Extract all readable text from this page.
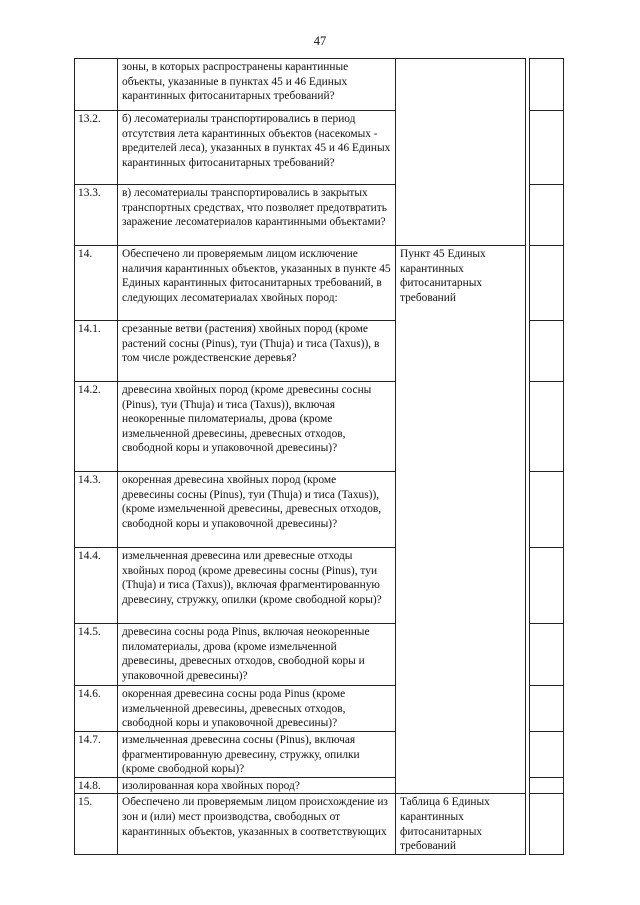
47
	зоны, в которых распространены карантинные объекты, указанные в пунктах 45 и 46 Единых карантинных фитосанитарных требований?			
13.2.	б) лесоматериалы транспортировались в период отсутствия лета карантинных объектов (насекомых - вредителей леса), указанных в пунктах 45 и 46 Единых карантинных фитосанитарных требований?			
13.3.	в) лесоматериалы транспортировались в закрытых транспортных средствах, что позволяет предотвратить заражение лесоматериалов карантинными объектами?			
14.	Обеспечено ли проверяемым лицом исключение наличия карантинных объектов, указанных в пункте 45 Единых карантинных фитосанитарных требований, в следующих лесоматериалах хвойных пород:	Пункт 45 Единых карантинных фитосанитарных требований		
14.1.	срезанные ветви (растения) хвойных пород (кроме растений сосны (Pinus), туи (Thuja) и тиса (Taxus)), в том числе рождественские деревья?			
14.2.	древесина хвойных пород (кроме древесины сосны (Pinus), туи (Thuja) и тиса (Taxus)), включая неокоренные пиломатериалы, дрова (кроме измельченной древесины, древесных отходов, свободной коры и упаковочной древесины)?			
14.3.	окоренная древесина хвойных пород (кроме древесины сосны (Pinus), туи (Thuja) и тиса (Taxus)), (кроме измельченной древесины, древесных отходов, свободной коры и упаковочной древесины)?			
14.4.	измельченная древесина или древесные отходы хвойных пород (кроме древесины сосны (Pinus), туи (Thuja) и тиса (Taxus)), включая фрагментированную древесину, стружку, опилки (кроме свободной коры)?			
14.5.	древесина сосны рода Pinus, включая неокоренные пиломатериалы, дрова (кроме измельченной древесины, древесных отходов, свободной коры и упаковочной древесины)?			
14.6.	окоренная древесина сосны рода Pinus (кроме измельченной древесины, древесных отходов, свободной коры и упаковочной древесины)?			
14.7.	измельченная древесина сосны (Pinus), включая фрагментированную древесину, стружку, опилки (кроме свободной коры)?			
14.8.	изолированная кора хвойных пород?			
15.	Обеспечено ли проверяемым лицом происхождение из зон и (или) мест производства, свободных от карантинных объектов, указанных в соответствующих	Таблица 6 Единых карантинных фитосанитарных требований		
